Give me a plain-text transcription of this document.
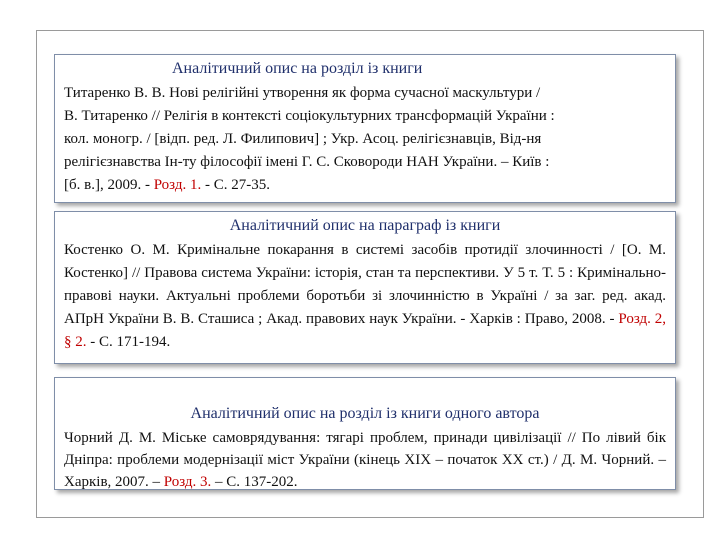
Аналітичний опис на розділ із книги
Титаренко В. В. Нові релігійні утворення як форма сучасної маскультури /
В. Титаренко // Релігія в контексті соціокультурних трансформацій України :
кол. моногр. / [відп. ред. Л. Филипович] ; Укр. Асоц. релігієзнавців, Від-ня
релігієзнавства Ін-ту філософії імені Г. С. Сковороди НАН України. – Київ :
[б. в.], 2009. - Розд. 1. - С. 27-35.
Аналітичний опис на параграф із книги

Костенко О. М. Кримінальне покарання в системі засобів протидії злочинності / [О. М. Костенко] // Правова система України: історія, стан та перспективи. У 5 т. Т. 5 : Кримінально-правові науки. Актуальні проблеми боротьби зі злочинністю в Україні / за заг. ред. акад. АПрН України В. В. Сташиса ; Акад. правових наук України. - Харків : Право, 2008. - Розд. 2, § 2. - С. 171-194.

Аналітичний опис на розділ із книги одного автора

Чорний Д. М. Міське самоврядування: тягарі проблем, принади цивілізації // По лівий бік Дніпра: проблеми модернізації міст України (кінець ХІХ – початок ХХ ст.) / Д. М. Чорний. – Харків, 2007. – Розд. 3. – С. 137-202.
